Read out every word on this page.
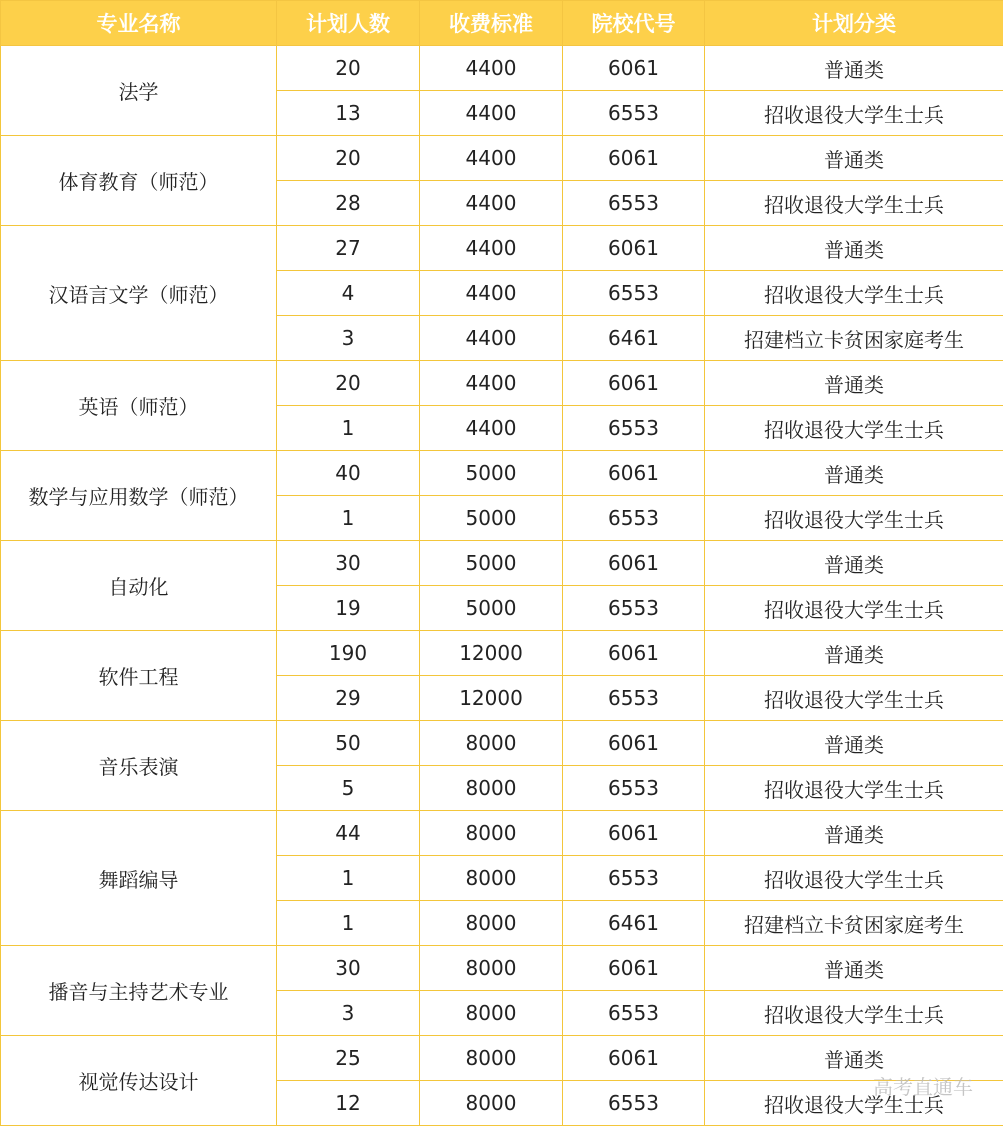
专业名称	计划人数	收费标准	院校代号	计划分类
法学	20	4400	6061	普通类
	13	4400	6553	招收退役大学生士兵
体育教育（师范）	20	4400	6061	普通类
	28	4400	6553	招收退役大学生士兵
汉语言文学（师范）	27	4400	6061	普通类
	4	4400	6553	招收退役大学生士兵
	3	4400	6461	招建档立卡贫困家庭考生
英语（师范）	20	4400	6061	普通类
	1	4400	6553	招收退役大学生士兵
数学与应用数学（师范）	40	5000	6061	普通类
	1	5000	6553	招收退役大学生士兵
自动化	30	5000	6061	普通类
	19	5000	6553	招收退役大学生士兵
软件工程	190	12000	6061	普通类
	29	12000	6553	招收退役大学生士兵
音乐表演	50	8000	6061	普通类
	5	8000	6553	招收退役大学生士兵
舞蹈编导	44	8000	6061	普通类
	1	8000	6553	招收退役大学生士兵
	1	8000	6461	招建档立卡贫困家庭考生
播音与主持艺术专业	30	8000	6061	普通类
	3	8000	6553	招收退役大学生士兵
视觉传达设计	25	8000	6061	普通类
	12	8000	6553	招收退役大学生士兵
高考直通车
